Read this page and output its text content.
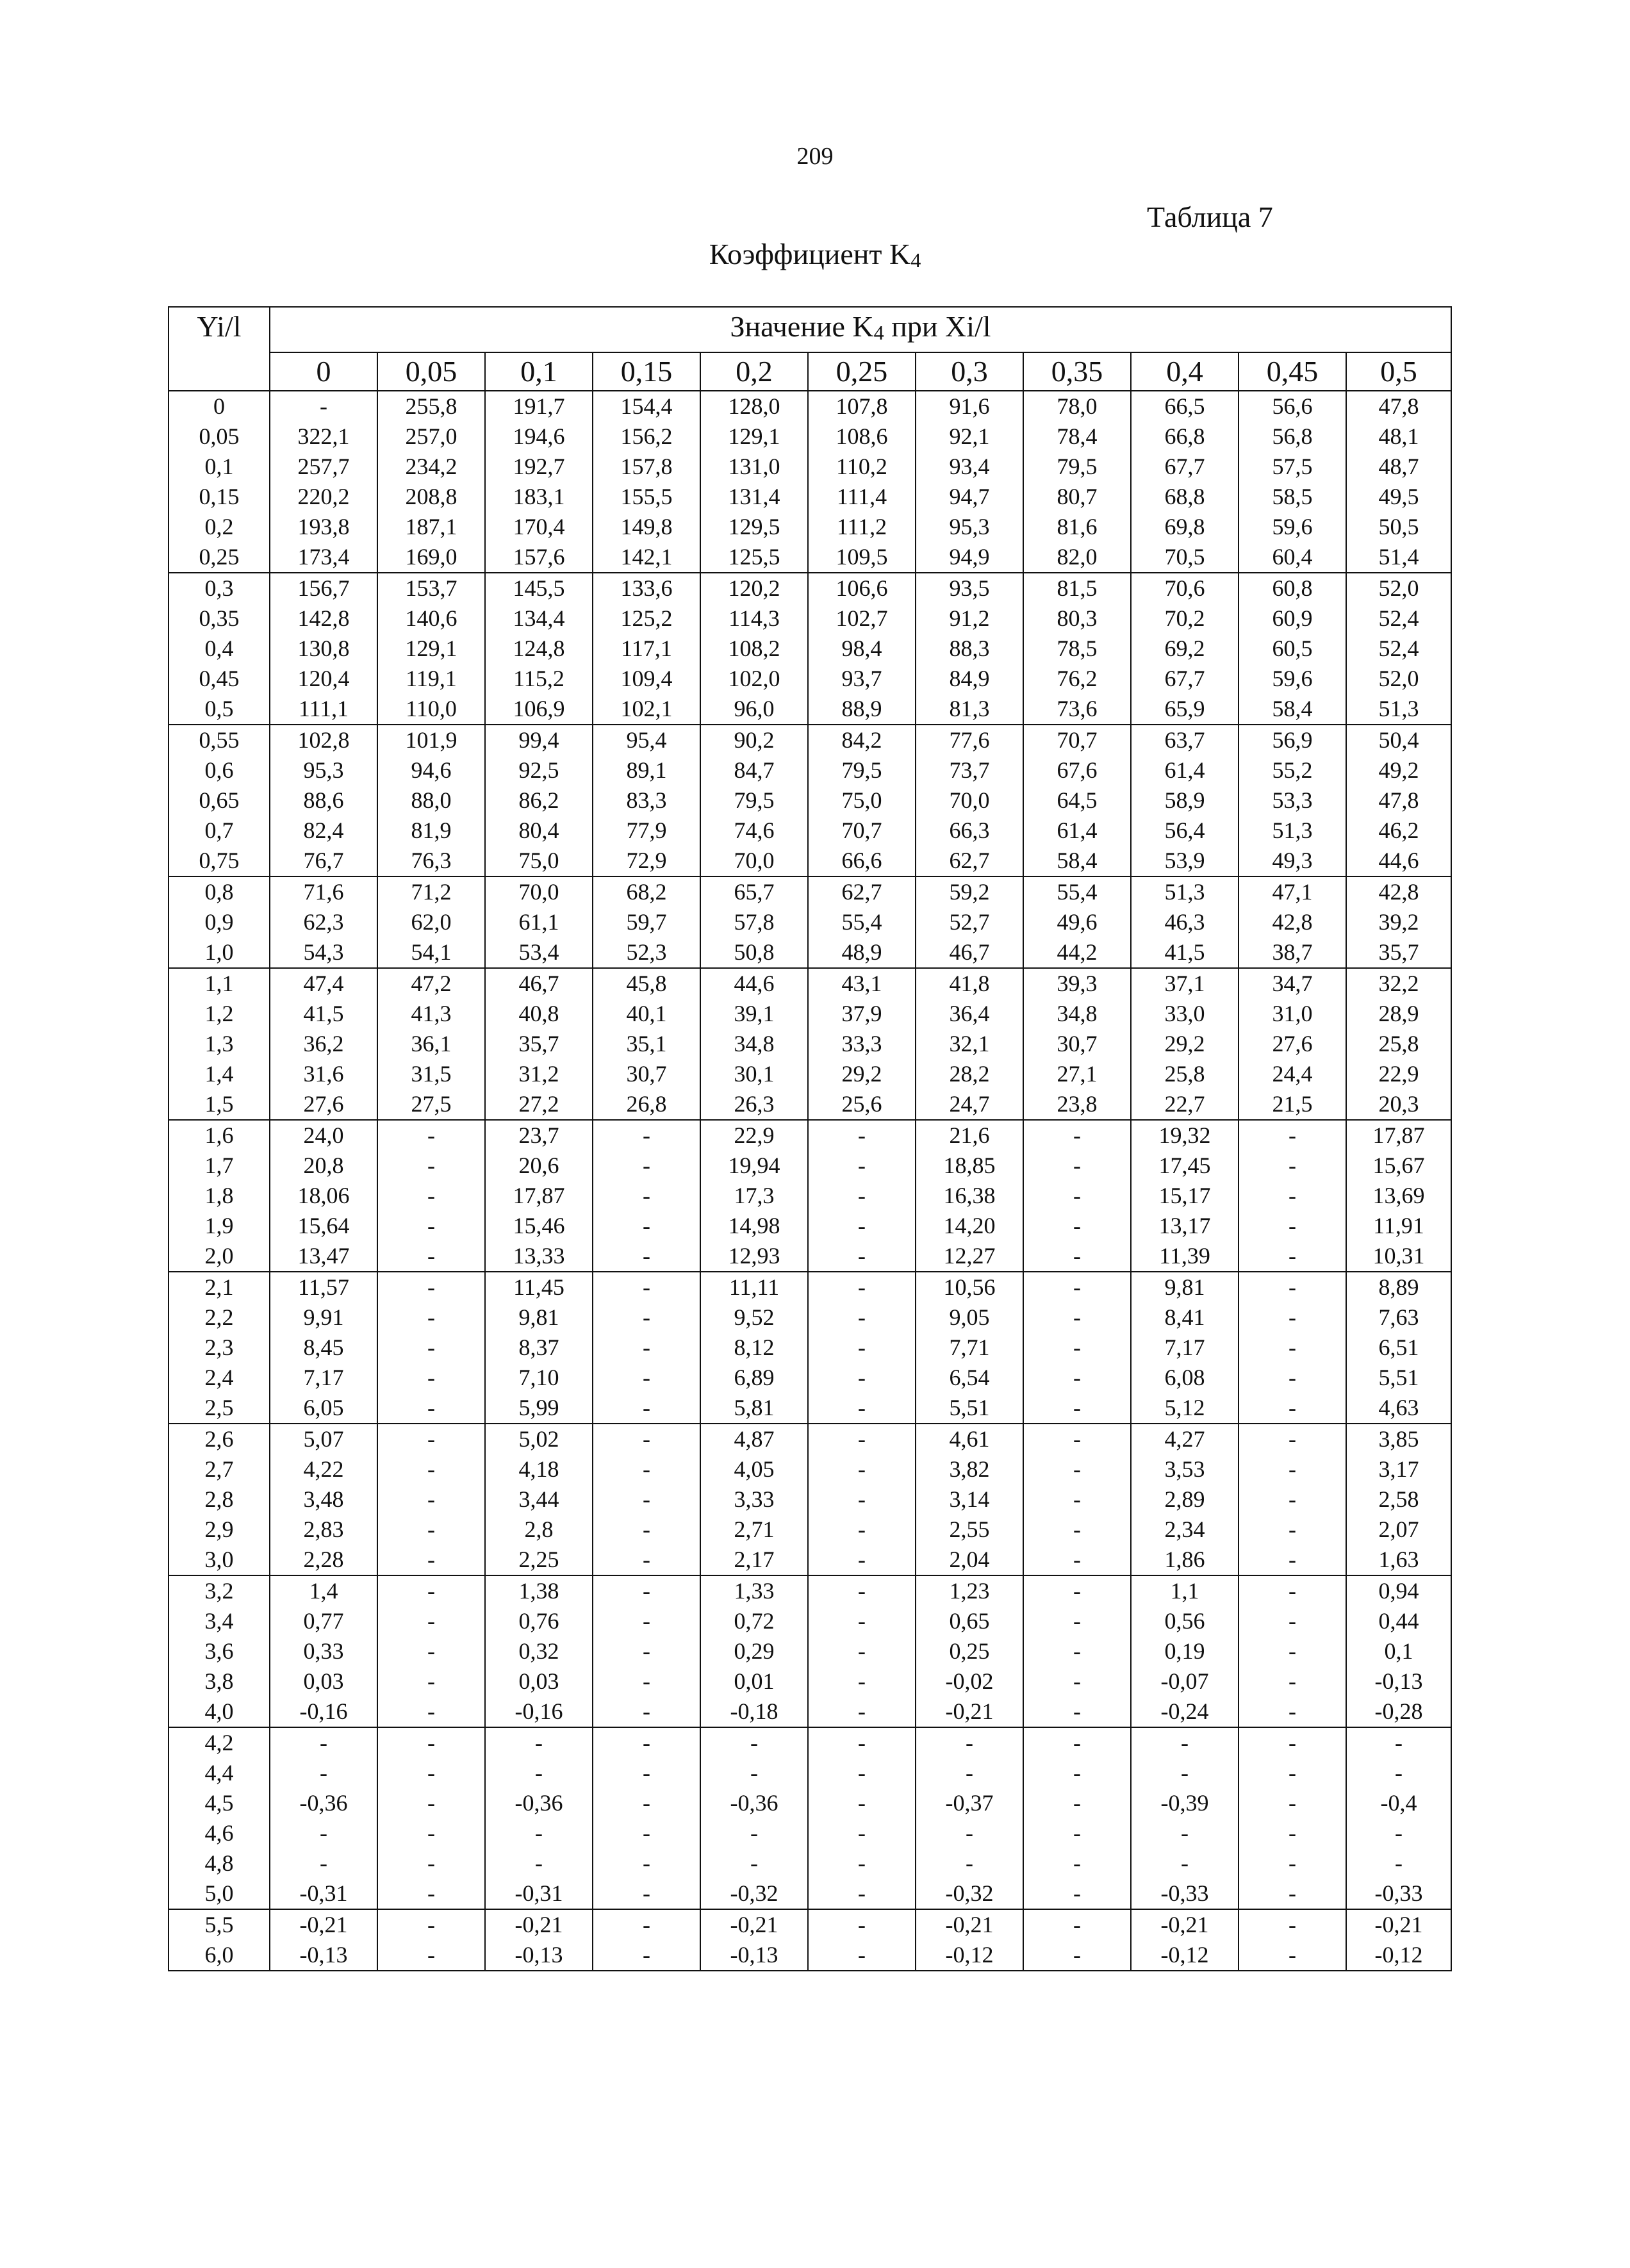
209
Таблица 7
Коэффициент $K_4$
Yi/l	Значение $K_4$ при Xi/l										
	0	0,05	0,1	0,15	0,2	0,25	0,3	0,35	0,4	0,45	0,5
0	-	255,8	191,7	154,4	128,0	107,8	91,6	78,0	66,5	56,6	47,8
0,05	322,1	257,0	194,6	156,2	129,1	108,6	92,1	78,4	66,8	56,8	48,1
0,1	257,7	234,2	192,7	157,8	131,0	110,2	93,4	79,5	67,7	57,5	48,7
0,15	220,2	208,8	183,1	155,5	131,4	111,4	94,7	80,7	68,8	58,5	49,5
0,2	193,8	187,1	170,4	149,8	129,5	111,2	95,3	81,6	69,8	59,6	50,5
0,25	173,4	169,0	157,6	142,1	125,5	109,5	94,9	82,0	70,5	60,4	51,4
0,3	156,7	153,7	145,5	133,6	120,2	106,6	93,5	81,5	70,6	60,8	52,0
0,35	142,8	140,6	134,4	125,2	114,3	102,7	91,2	80,3	70,2	60,9	52,4
0,4	130,8	129,1	124,8	117,1	108,2	98,4	88,3	78,5	69,2	60,5	52,4
0,45	120,4	119,1	115,2	109,4	102,0	93,7	84,9	76,2	67,7	59,6	52,0
0,5	111,1	110,0	106,9	102,1	96,0	88,9	81,3	73,6	65,9	58,4	51,3
0,55	102,8	101,9	99,4	95,4	90,2	84,2	77,6	70,7	63,7	56,9	50,4
0,6	95,3	94,6	92,5	89,1	84,7	79,5	73,7	67,6	61,4	55,2	49,2
0,65	88,6	88,0	86,2	83,3	79,5	75,0	70,0	64,5	58,9	53,3	47,8
0,7	82,4	81,9	80,4	77,9	74,6	70,7	66,3	61,4	56,4	51,3	46,2
0,75	76,7	76,3	75,0	72,9	70,0	66,6	62,7	58,4	53,9	49,3	44,6
0,8	71,6	71,2	70,0	68,2	65,7	62,7	59,2	55,4	51,3	47,1	42,8
0,9	62,3	62,0	61,1	59,7	57,8	55,4	52,7	49,6	46,3	42,8	39,2
1,0	54,3	54,1	53,4	52,3	50,8	48,9	46,7	44,2	41,5	38,7	35,7
1,1	47,4	47,2	46,7	45,8	44,6	43,1	41,8	39,3	37,1	34,7	32,2
1,2	41,5	41,3	40,8	40,1	39,1	37,9	36,4	34,8	33,0	31,0	28,9
1,3	36,2	36,1	35,7	35,1	34,8	33,3	32,1	30,7	29,2	27,6	25,8
1,4	31,6	31,5	31,2	30,7	30,1	29,2	28,2	27,1	25,8	24,4	22,9
1,5	27,6	27,5	27,2	26,8	26,3	25,6	24,7	23,8	22,7	21,5	20,3
1,6	24,0	-	23,7	-	22,9	-	21,6	-	19,32	-	17,87
1,7	20,8	-	20,6	-	19,94	-	18,85	-	17,45	-	15,67
1,8	18,06	-	17,87	-	17,3	-	16,38	-	15,17	-	13,69
1,9	15,64	-	15,46	-	14,98	-	14,20	-	13,17	-	11,91
2,0	13,47	-	13,33	-	12,93	-	12,27	-	11,39	-	10,31
2,1	11,57	-	11,45	-	11,11	-	10,56	-	9,81	-	8,89
2,2	9,91	-	9,81	-	9,52	-	9,05	-	8,41	-	7,63
2,3	8,45	-	8,37	-	8,12	-	7,71	-	7,17	-	6,51
2,4	7,17	-	7,10	-	6,89	-	6,54	-	6,08	-	5,51
2,5	6,05	-	5,99	-	5,81	-	5,51	-	5,12	-	4,63
2,6	5,07	-	5,02	-	4,87	-	4,61	-	4,27	-	3,85
2,7	4,22	-	4,18	-	4,05	-	3,82	-	3,53	-	3,17
2,8	3,48	-	3,44	-	3,33	-	3,14	-	2,89	-	2,58
2,9	2,83	-	2,8	-	2,71	-	2,55	-	2,34	-	2,07
3,0	2,28	-	2,25	-	2,17	-	2,04	-	1,86	-	1,63
3,2	1,4	-	1,38	-	1,33	-	1,23	-	1,1	-	0,94
3,4	0,77	-	0,76	-	0,72	-	0,65	-	0,56	-	0,44
3,6	0,33	-	0,32	-	0,29	-	0,25	-	0,19	-	0,1
3,8	0,03	-	0,03	-	0,01	-	-0,02	-	-0,07	-	-0,13
4,0	-0,16	-	-0,16	-	-0,18	-	-0,21	-	-0,24	-	-0,28
4,2	-	-	-	-	-	-	-	-	-	-	-
4,4	-	-	-	-	-	-	-	-	-	-	-
4,5	-0,36	-	-0,36	-	-0,36	-	-0,37	-	-0,39	-	-0,4
4,6	-	-	-	-	-	-	-	-	-	-	-
4,8	-	-	-	-	-	-	-	-	-	-	-
5,0	-0,31	-	-0,31	-	-0,32	-	-0,32	-	-0,33	-	-0,33
5,5	-0,21	-	-0,21	-	-0,21	-	-0,21	-	-0,21	-	-0,21
6,0	-0,13	-	-0,13	-	-0,13	-	-0,12	-	-0,12	-	-0,12
